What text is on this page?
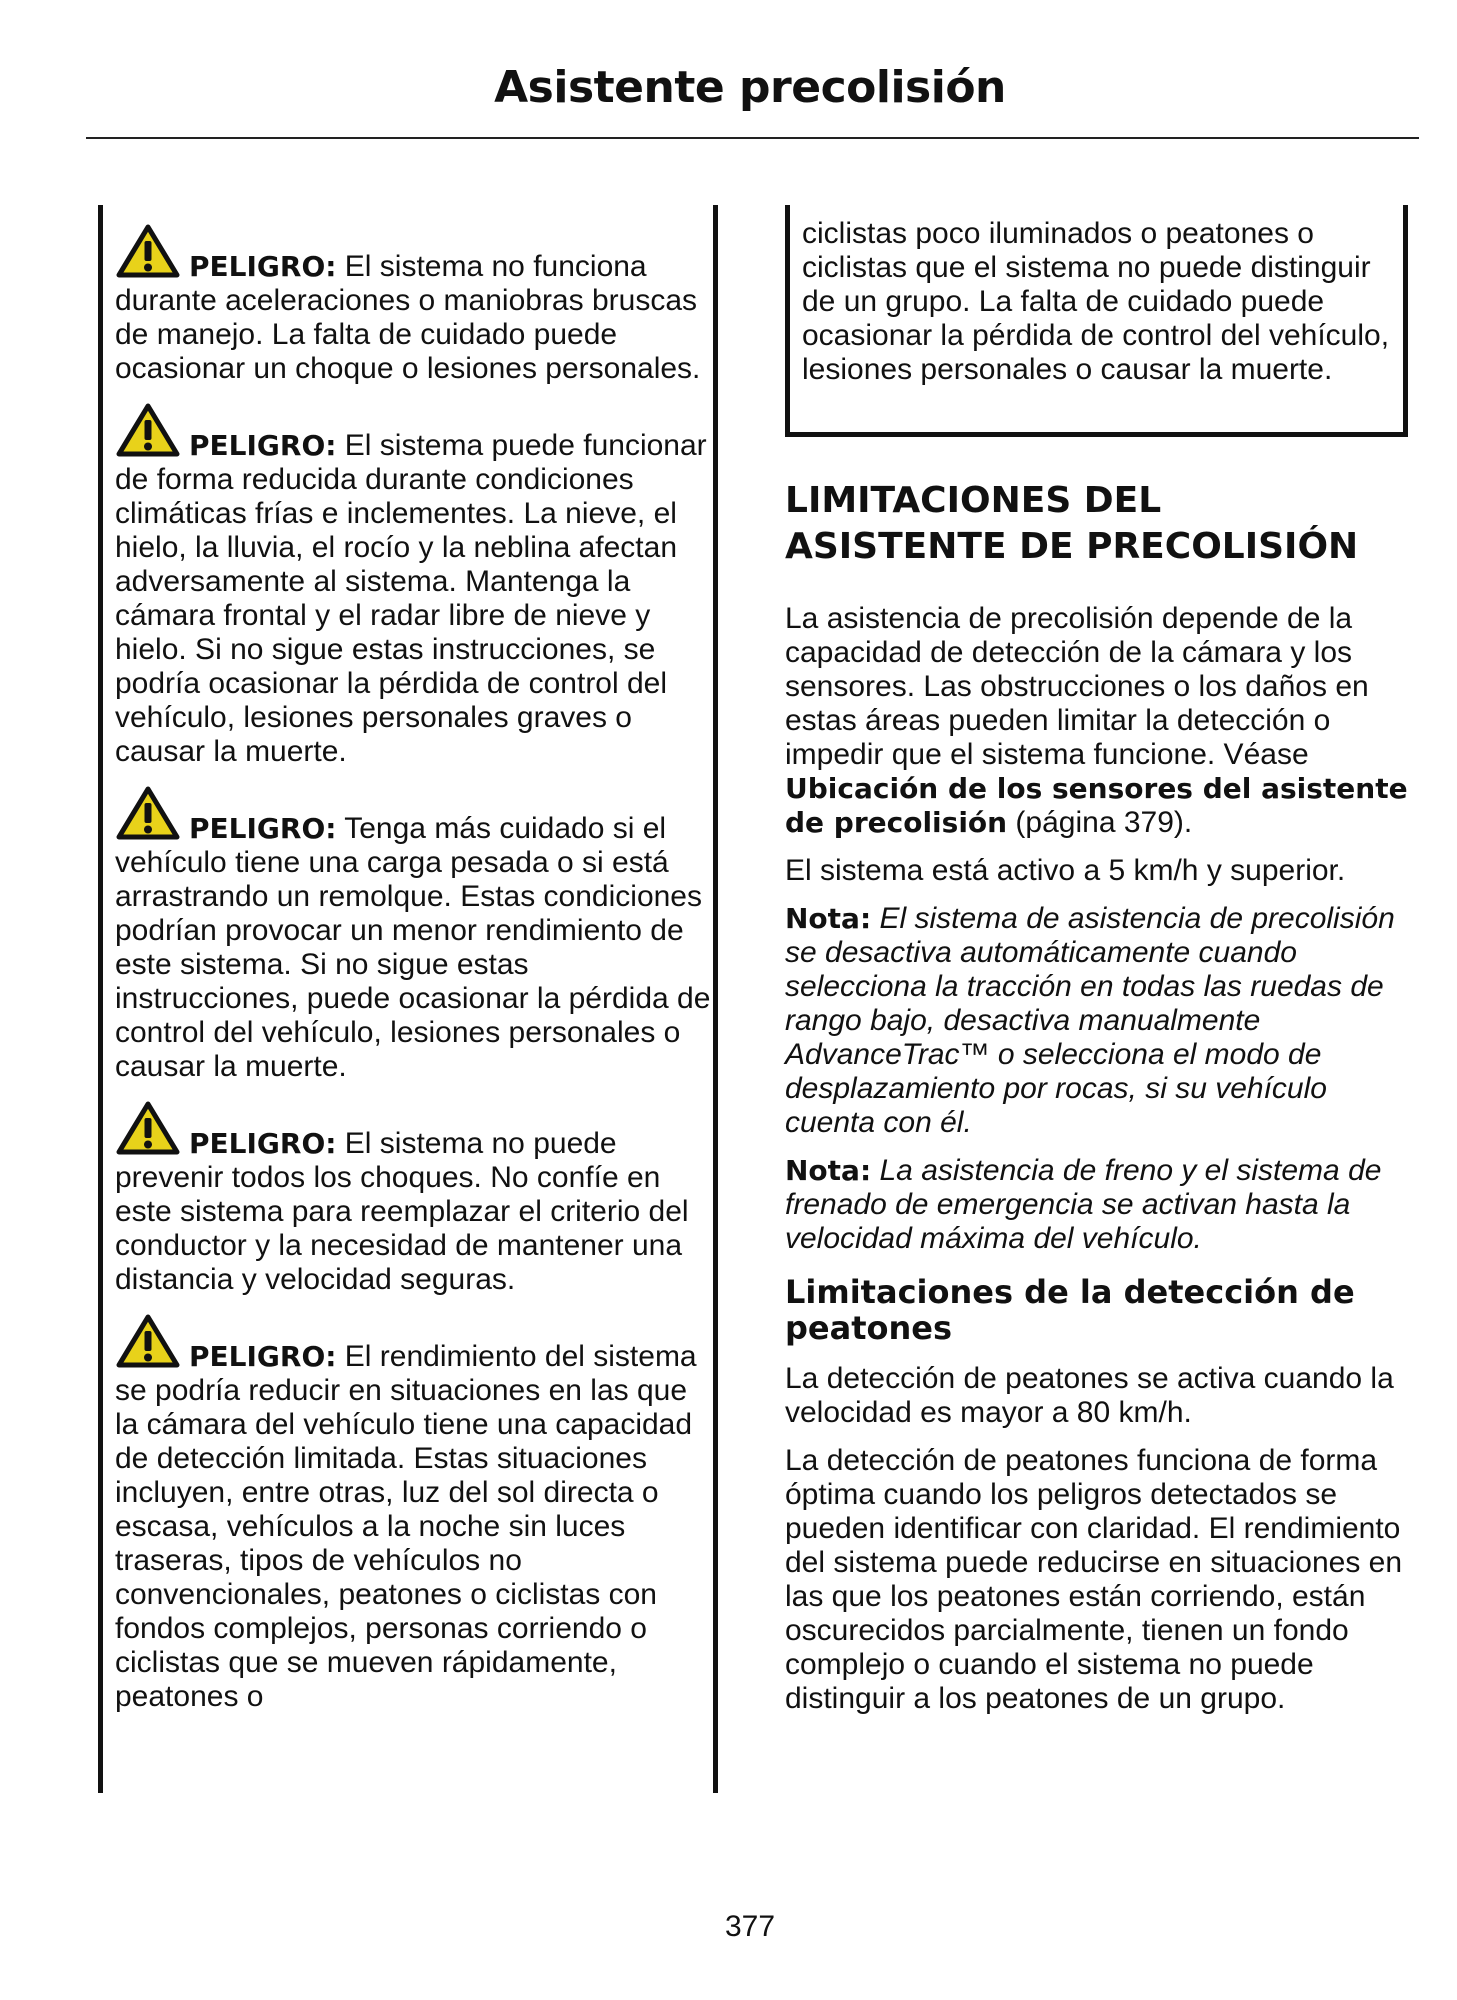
Asistente precolisión

PELIGRO: El sistema no funciona durante aceleraciones o maniobras bruscas de manejo. La falta de cuidado puede ocasionar un choque o lesiones personales.

PELIGRO: El sistema puede funcionar de forma reducida durante condiciones climáticas frías e inclementes. La nieve, el hielo, la lluvia, el rocío y la neblina afectan adversamente al sistema. Mantenga la cámara frontal y el radar libre de nieve y hielo. Si no sigue estas instrucciones, se podría ocasionar la pérdida de control del vehículo, lesiones personales graves o causar la muerte.

PELIGRO: Tenga más cuidado si el vehículo tiene una carga pesada o si está arrastrando un remolque. Estas condiciones podrían provocar un menor rendimiento de este sistema. Si no sigue estas instrucciones, puede ocasionar la pérdida de control del vehículo, lesiones personales o causar la muerte.

PELIGRO: El sistema no puede prevenir todos los choques. No confíe en este sistema para reemplazar el criterio del conductor y la necesidad de mantener una distancia y velocidad seguras.

PELIGRO: El rendimiento del sistema se podría reducir en situaciones en las que la cámara del vehículo tiene una capacidad de detección limitada. Estas situaciones incluyen, entre otras, luz del sol directa o escasa, vehículos a la noche sin luces traseras, tipos de vehículos no convencionales, peatones o ciclistas con fondos complejos, personas corriendo o ciclistas que se mueven rápidamente, peatones o

ciclistas poco iluminados o peatones o ciclistas que el sistema no puede distinguir de un grupo. La falta de cuidado puede ocasionar la pérdida de control del vehículo, lesiones personales o causar la muerte.

LIMITACIONES DEL
ASISTENTE DE PRECOLISIÓN

La asistencia de precolisión depende de la capacidad de detección de la cámara y los sensores. Las obstrucciones o los daños en estas áreas pueden limitar la detección o impedir que el sistema funcione. Véase Ubicación de los sensores del asistente de precolisión (página 379).

El sistema está activo a 5 km/h y superior.

Nota: El sistema de asistencia de precolisión se desactiva automáticamente cuando selecciona la tracción en todas las ruedas de rango bajo, desactiva manualmente AdvanceTrac™ o selecciona el modo de desplazamiento por rocas, si su vehículo cuenta con él.

Nota: La asistencia de freno y el sistema de frenado de emergencia se activan hasta la velocidad máxima del vehículo.

Limitaciones de la detección de peatones

La detección de peatones se activa cuando la velocidad es mayor a 80 km/h.

La detección de peatones funciona de forma óptima cuando los peligros detectados se pueden identificar con claridad. El rendimiento del sistema puede reducirse en situaciones en las que los peatones están corriendo, están oscurecidos parcialmente, tienen un fondo complejo o cuando el sistema no puede distinguir a los peatones de un grupo.

377
